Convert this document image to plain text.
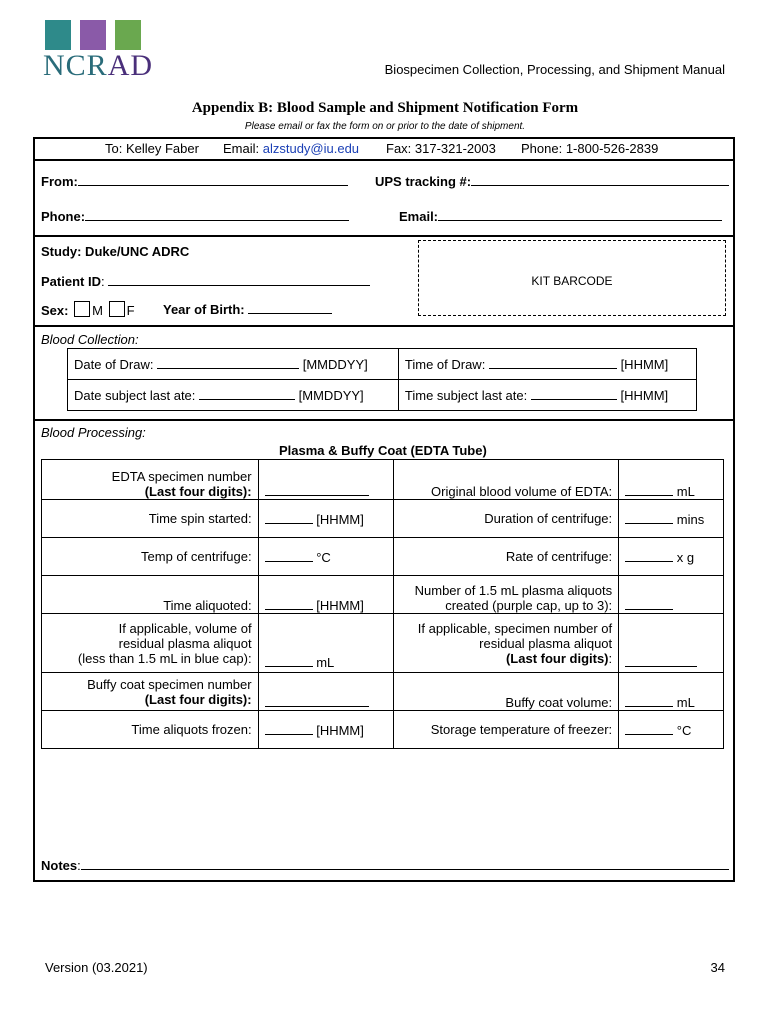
NCRAD	Biospecimen Collection, Processing, and Shipment Manual
Appendix B: Blood Sample and Shipment Notification Form
Please email or fax the form on or prior to the date of shipment.
To: Kelley Faber Email: alzstudy@iu.edu Fax: 317-321-2003 Phone: 1-800-526-2839
From:	UPS tracking #:
Phone:	Email:
Study: Duke/UNC ADRC
Patient ID:
Sex: M F Year of Birth:
KIT BARCODE
Blood Collection:
Date of Draw: [MMDDYY]	Time of Draw: [HHMM]
Date subject last ate: [MMDDYY]	Time subject last ate: [HHMM]
Blood Processing:
Plasma & Buffy Coat (EDTA Tube)
EDTA specimen number
(Last four digits):		Original blood volume of EDTA:	mL
Time spin started:	[HHMM]	Duration of centrifuge:	mins
Temp of centrifuge:	°C	Rate of centrifuge:	x g
Time aliquoted:	[HHMM]	Number of 1.5 mL plasma aliquots
created (purple cap, up to 3):	
If applicable, volume of
residual plasma aliquot
(less than 1.5 mL in blue cap):	mL	If applicable, specimen number of
residual plasma aliquot
(Last four digits):	
Buffy coat specimen number
(Last four digits):		Buffy coat volume:	mL
Time aliquots frozen:	[HHMM]	Storage temperature of freezer:	°C
Notes:
Version (03.2021)	34
